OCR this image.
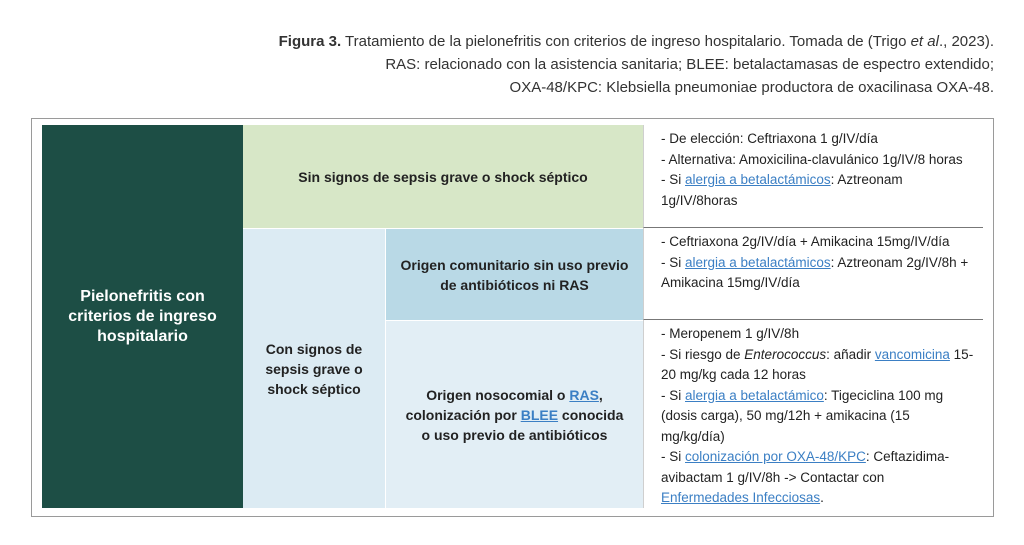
Figura 3. Tratamiento de la pielonefritis con criterios de ingreso hospitalario. Tomada de (Trigo et al., 2023).
RAS: relacionado con la asistencia sanitaria; BLEE: betalactamasas de espectro extendido;
OXA-48/KPC: Klebsiella pneumoniae productora de oxacilinasa OXA-48.
Pielonefritis con criterios de ingreso hospitalario
Sin signos de sepsis grave o shock séptico
Con signos de sepsis grave o shock séptico
Origen comunitario sin uso previo de antibióticos ni RAS
Origen nosocomial o RAS, colonización por BLEE conocida o uso previo de antibióticos
- De elección: Ceftriaxona 1 g/IV/día
- Alternativa: Amoxicilina-clavulánico 1g/IV/8 horas
- Si alergia a betalactámicos: Aztreonam 1g/IV/8horas
- Ceftriaxona 2g/IV/día + Amikacina 15mg/IV/día
- Si alergia a betalactámicos: Aztreonam 2g/IV/8h + Amikacina 15mg/IV/día
- Meropenem 1 g/IV/8h
- Si riesgo de Enterococcus: añadir vancomicina 15-20 mg/kg cada 12 horas
- Si alergia a betalactámico: Tigeciclina 100 mg (dosis carga), 50 mg/12h + amikacina (15 mg/kg/día)
- Si colonización por OXA-48/KPC: Ceftazidima-avibactam 1 g/IV/8h -> Contactar con Enfermedades Infecciosas.
